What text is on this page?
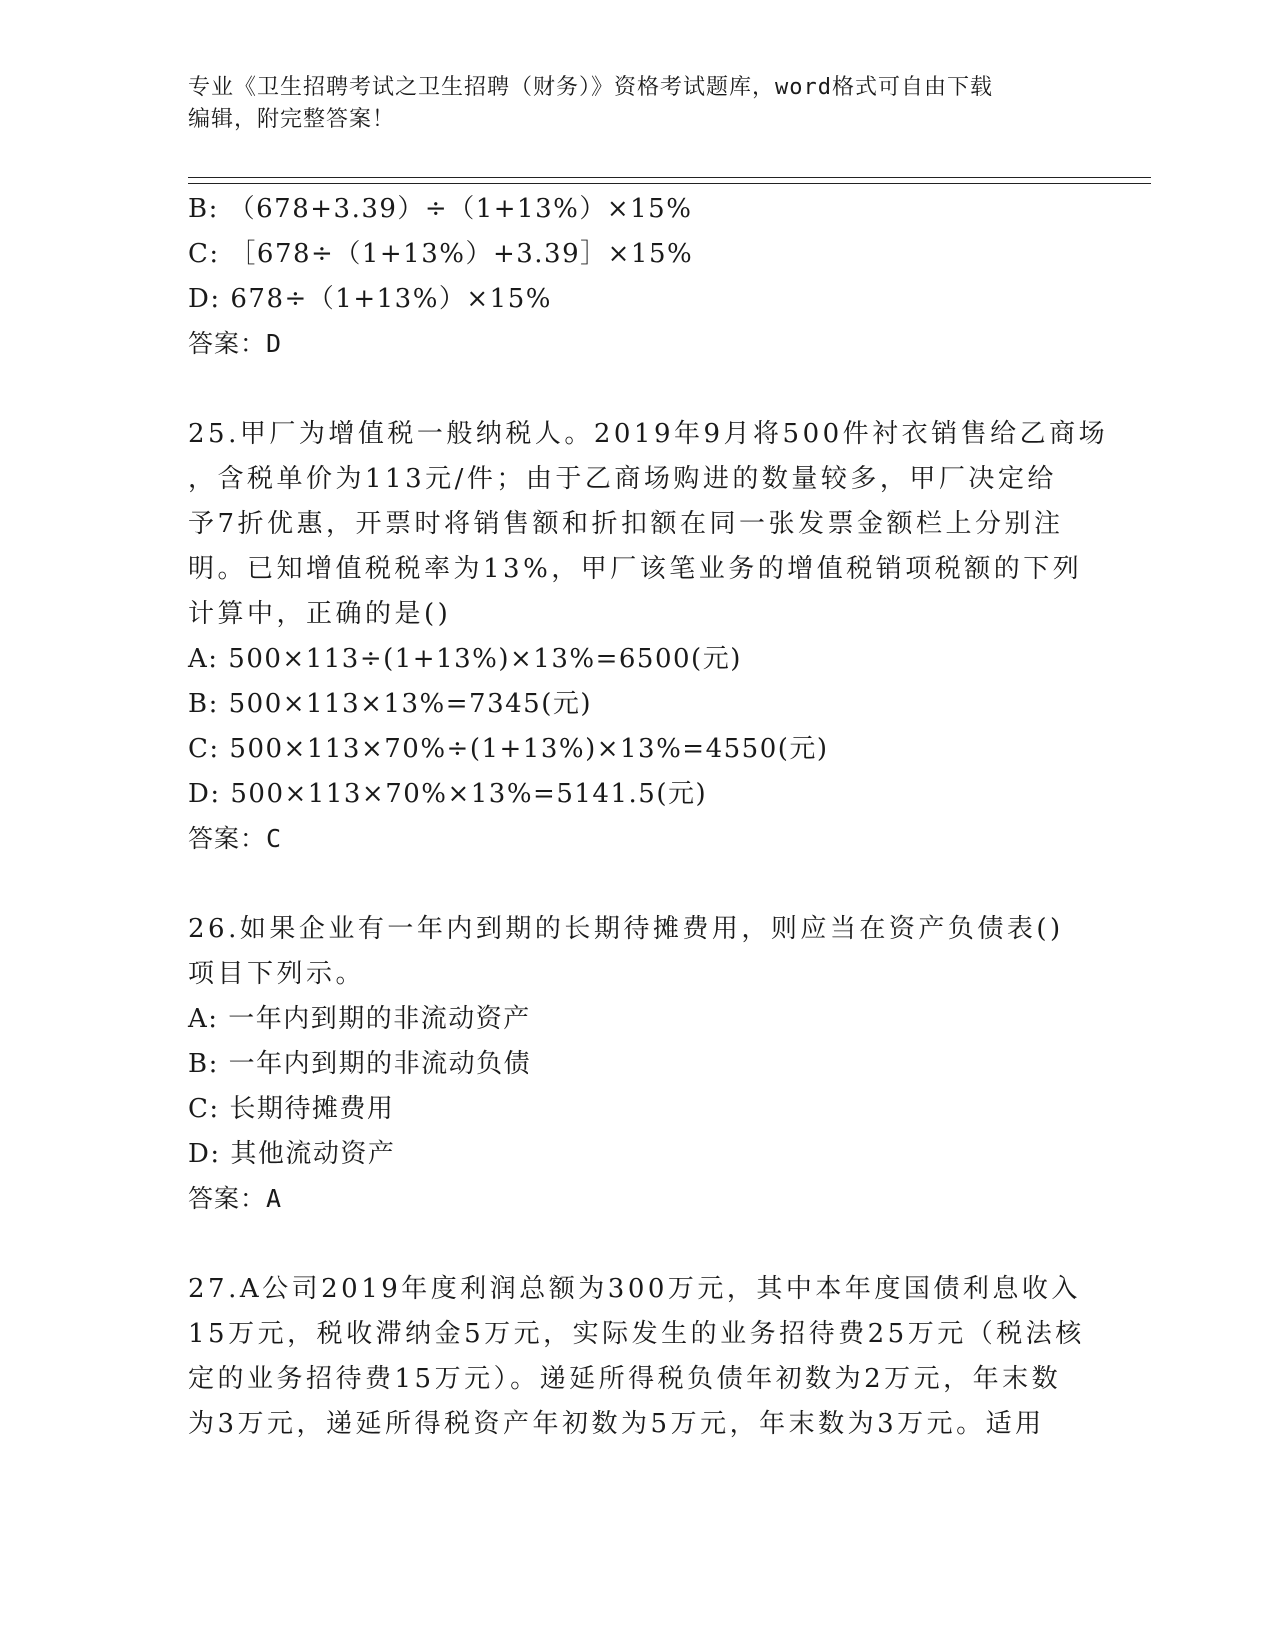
专业《卫生招聘考试之卫生招聘（财务）》资格考试题库，word格式可自由下载
编辑，附完整答案！
B: （678+3.39）÷（1+13%）×15%
C: ［678÷（1+13%）+3.39］×15%
D: 678÷（1+13%）×15%
答案：D
25.甲厂为增值税一般纳税人。2019年9月将500件衬衣销售给乙商场
，含税单价为113元/件；由于乙商场购进的数量较多，甲厂决定给
予7折优惠，开票时将销售额和折扣额在同一张发票金额栏上分别注
明。已知增值税税率为13%，甲厂该笔业务的增值税销项税额的下列
计算中，正确的是()
A: 500×113÷(1+13%)×13%=6500(元)
B: 500×113×13%=7345(元)
C: 500×113×70%÷(1+13%)×13%=4550(元)
D: 500×113×70%×13%=5141.5(元)
答案：C
26.如果企业有一年内到期的长期待摊费用，则应当在资产负债表()
项目下列示。
A: 一年内到期的非流动资产
B: 一年内到期的非流动负债
C: 长期待摊费用
D: 其他流动资产
答案：A
27.A公司2019年度利润总额为300万元，其中本年度国债利息收入
15万元，税收滞纳金5万元，实际发生的业务招待费25万元（税法核
定的业务招待费15万元）。递延所得税负债年初数为2万元，年末数
为3万元，递延所得税资产年初数为5万元，年末数为3万元。适用
